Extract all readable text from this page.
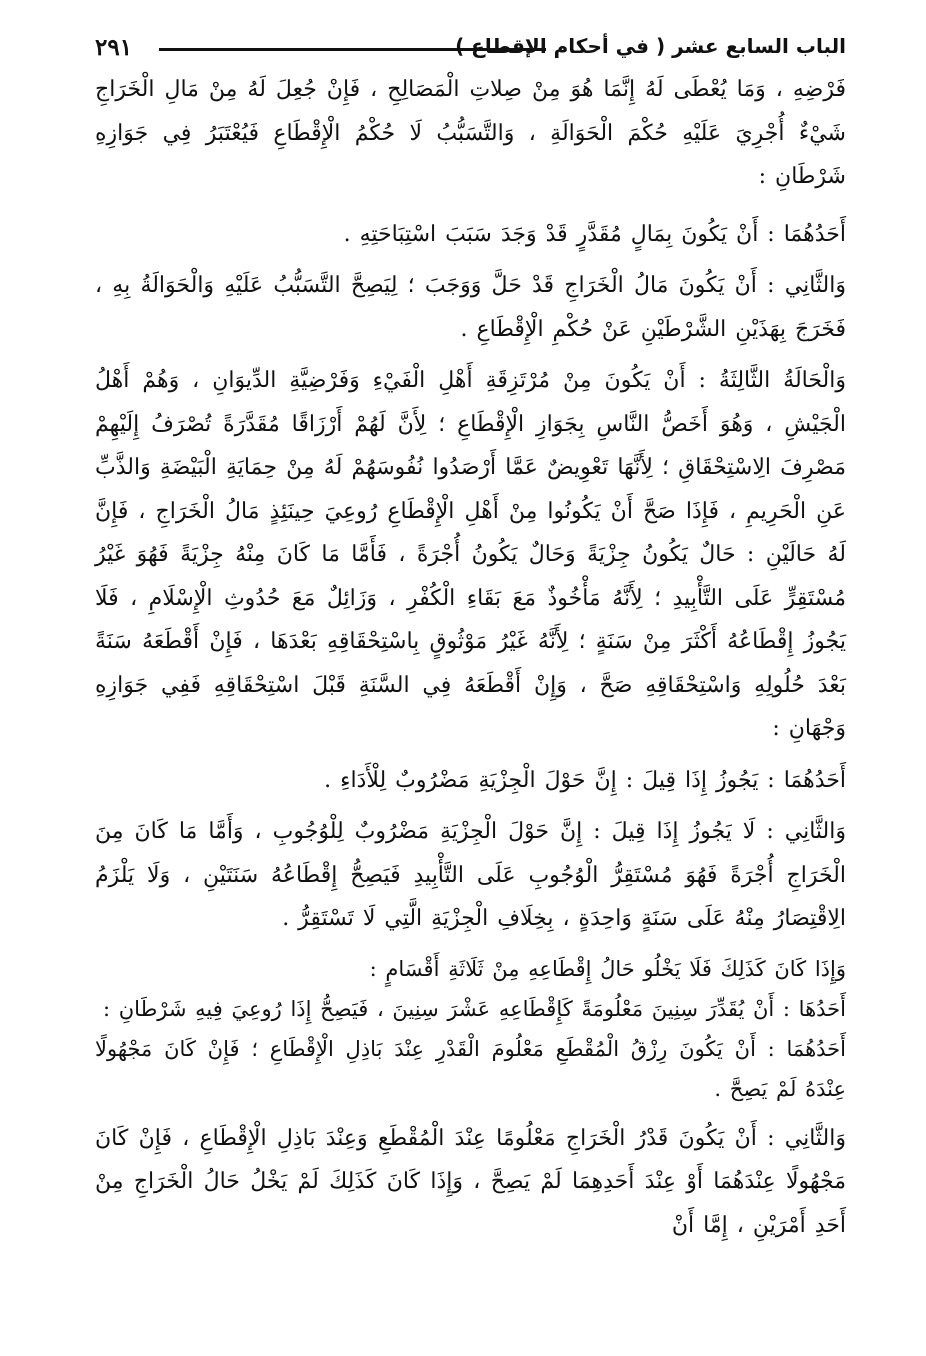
٢٩١	الباب السابع عشر ( في أحكام الإقطاع )

فَرْضِهِ ، وَمَا يُعْطَى لَهُ إِنَّمَا هُوَ مِنْ صِلاتِ الْمَصَالِحِ ، فَإِنْ جُعِلَ لَهُ مِنْ مَالِ الْخَرَاجِ شَيْءٌ أُجْرِيَ عَلَيْهِ حُكْمَ الْحَوَالَةِ ، وَالتَّسَبُّبُ لَا حُكْمُ الْإِقْطَاعِ فَيُعْتَبَرُ فِي جَوَازِهِ شَرْطَانِ :

أَحَدُهُمَا : أَنْ يَكُونَ بِمَالٍ مُقَدَّرٍ قَدْ وَجَدَ سَبَبَ اسْتِبَاحَتِهِ .

وَالثَّانِي : أَنْ يَكُونَ مَالُ الْخَرَاجِ قَدْ حَلَّ وَوَجَبَ ؛ لِيَصِحَّ التَّسَبُّبُ عَلَيْهِ وَالْحَوَالَةُ بِهِ ، فَخَرَجَ بِهَذَيْنِ الشَّرْطَيْنِ عَنْ حُكْمِ الْإِقْطَاعِ .

وَالْحَالَةُ الثَّالِثَةُ : أَنْ يَكُونَ مِنْ مُرْتَزِقَةِ أَهْلِ الْفَيْءِ وَفَرْضِيَّةِ الدِّيوَانِ ، وَهُمْ أَهْلُ الْجَيْشِ ، وَهُوَ أَخَصُّ النَّاسِ بِجَوَازِ الْإِقْطَاعِ ؛ لِأَنَّ لَهُمْ أَرْزَاقًا مُقَدَّرَةً تُصْرَفُ إِلَيْهِمْ مَصْرِفَ الِاسْتِحْقَاقِ ؛ لِأَنَّهَا تَعْوِيضٌ عَمَّا أَرْصَدُوا نُفُوسَهُمْ لَهُ مِنْ حِمَايَةِ الْبَيْضَةِ وَالذَّبِّ عَنِ الْحَرِيمِ ، فَإِذَا صَحَّ أَنْ يَكُونُوا مِنْ أَهْلِ الْإِقْطَاعِ رُوعِيَ حِينَئِذٍ مَالُ الْخَرَاجِ ، فَإِنَّ لَهُ حَالَيْنِ : حَالٌ يَكُونُ جِزْيَةً وَحَالٌ يَكُونُ أُجْرَةً ، فَأَمَّا مَا كَانَ مِنْهُ جِزْيَةً فَهُوَ غَيْرُ مُسْتَقِرٍّ عَلَى التَّأْبِيدِ ؛ لِأَنَّهُ مَأْخُوذٌ مَعَ بَقَاءِ الْكُفْرِ ، وَزَائِلٌ مَعَ حُدُوثِ الْإِسْلَامِ ، فَلَا يَجُوزُ إِقْطَاعُهُ أَكْثَرَ مِنْ سَنَةٍ ؛ لِأَنَّهُ غَيْرُ مَوْثُوقٍ بِاسْتِحْقَاقِهِ بَعْدَهَا ، فَإِنْ أَقْطَعَهُ سَنَةً بَعْدَ حُلُولِهِ وَاسْتِحْقَاقِهِ صَحَّ ، وَإِنْ أَقْطَعَهُ فِي السَّنَةِ قَبْلَ اسْتِحْقَاقِهِ فَفِي جَوَازِهِ وَجْهَانِ :

أَحَدُهُمَا : يَجُوزُ إِذَا قِيلَ : إِنَّ حَوْلَ الْجِزْيَةِ مَضْرُوبٌ لِلْأَدَاءِ .

وَالثَّانِي : لَا يَجُوزُ إِذَا قِيلَ : إِنَّ حَوْلَ الْجِزْيَةِ مَضْرُوبٌ لِلْوُجُوبِ ، وَأَمَّا مَا كَانَ مِنَ الْخَرَاجِ أُجْرَةً فَهُوَ مُسْتَقِرُّ الْوُجُوبِ عَلَى التَّأْبِيدِ فَيَصِحُّ إِقْطَاعُهُ سَنَتَيْنِ ، وَلَا يَلْزَمُ الِاقْتِصَارُ مِنْهُ عَلَى سَنَةٍ وَاحِدَةٍ ، بِخِلَافِ الْجِزْيَةِ الَّتِي لَا تَسْتَقِرُّ .

وَإِذَا كَانَ كَذَلِكَ فَلَا يَخْلُو حَالُ إِقْطَاعِهِ مِنْ ثَلَاثَةِ أَقْسَامٍ :

أَحَدُهَا : أَنْ يُقَدِّرَ سِنِينَ مَعْلُومَةً كَإِقْطَاعِهِ عَشْرَ سِنِينَ ، فَيَصِحُّ إِذَا رُوعِيَ فِيهِ شَرْطَانِ :

أَحَدُهُمَا : أَنْ يَكُونَ رِزْقُ الْمُقْطَعِ مَعْلُومَ الْقَدْرِ عِنْدَ بَاذِلِ الْإِقْطَاعِ ؛ فَإِنْ كَانَ مَجْهُولًا عِنْدَهُ لَمْ يَصِحَّ .

وَالثَّانِي : أَنْ يَكُونَ قَدْرُ الْخَرَاجِ مَعْلُومًا عِنْدَ الْمُقْطَعِ وَعِنْدَ بَاذِلِ الْإِقْطَاعِ ، فَإِنْ كَانَ مَجْهُولًا عِنْدَهُمَا أَوْ عِنْدَ أَحَدِهِمَا لَمْ يَصِحَّ ، وَإِذَا كَانَ كَذَلِكَ لَمْ يَخْلُ حَالُ الْخَرَاجِ مِنْ أَحَدِ أَمْرَيْنِ ، إِمَّا أَنْ
